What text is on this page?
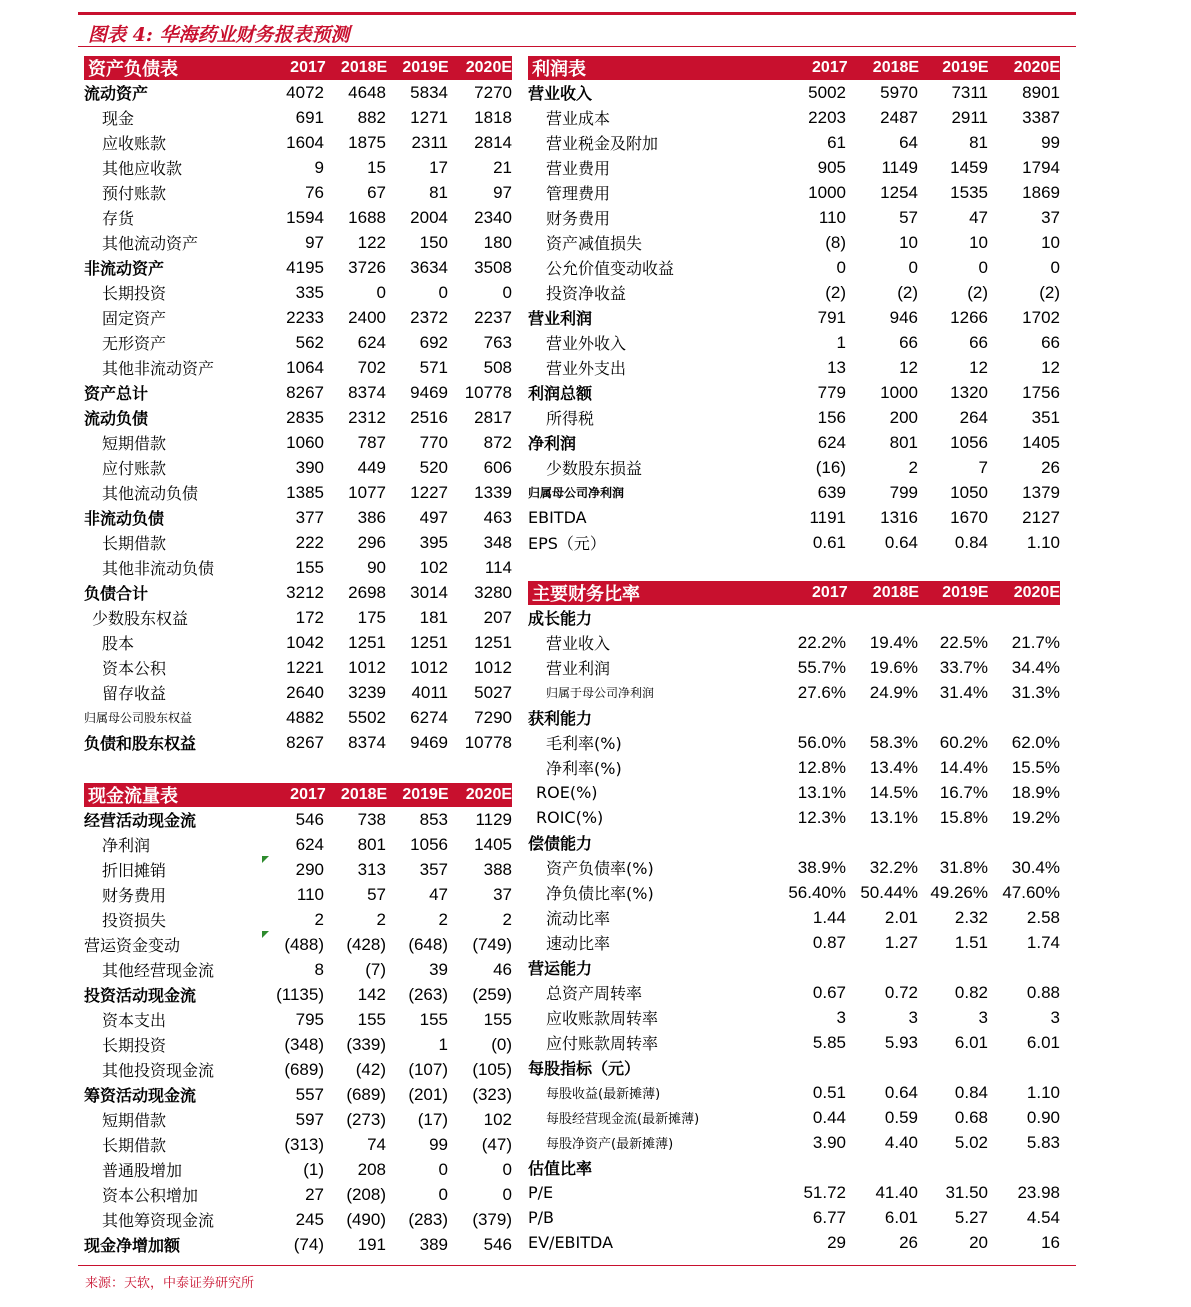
图表 4: 华海药业财务报表预测
资产负债表	2017 2018E 2019E	2020E
流动资产	4072	4648	5834	7270
现金	691	882	1271	1818
应收账款	1604	1875	2311	2814
其他应收款	9	15	17	21
预付账款	76	67	81	97
存货	1594	1688	2004	2340
其他流动资产	97	122	150	180
非流动资产	4195	3726	3634	3508
长期投资	335	0	0	0
固定资产	2233	2400	2372	2237
无形资产	562	624	692	763
其他非流动资产	1064	702	571	508
资产总计	8267	8374	9469 10778
流动负债	2835	2312	2516	2817
短期借款	1060	787	770	872
应付账款	390	449	520	606
其他流动负债	1385	1077	1227	1339
非流动负债	377	386	497	463
长期借款	222	296	395	348
其他非流动负债	155	90	102	114
负债合计	3212	2698	3014	3280
少数股东权益	172	175	181	207
股本	1042	1251	1251	1251
资本公积	1221	1012	1012	1012
留存收益	2640	3239	4011	5027
归属母公司股东权益	4882	5502	6274	7290
负债和股东权益	8267	8374	9469 10778
现金流量表	2017 2018E 2019E	2020E
经营活动现金流	546	738	853	1129
净利润	624	801	1056	1405
折旧摊销	290	313	357	388
财务费用	110	57	47	37
投资损失	2	2	2	2
营运资金变动	(488)	(428)	(648)	(749)
其他经营现金流	8	(7)	39	46
投资活动现金流	(1135)	142	(263)	(259)
资本支出	795	155	155	155
长期投资	(348)	(339)	1	(0)
其他投资现金流	(689)	(42)	(107)	(105)
筹资活动现金流	557	(689)	(201)	(323)
短期借款	597	(273)	(17)	102
长期借款	(313)	74	99	(47)
普通股增加	(1)	208	0	0
资本公积增加	27	(208)	0	0
其他筹资现金流	245	(490)	(283)	(379)
现金净增加额	(74)	191	389	546
利润表	2017	2018E	2019E	2020E
营业收入	5002	5970	7311	8901
营业成本	2203	2487	2911	3387
营业税金及附加	61	64	81	99
营业费用	905	1149	1459	1794
管理费用	1000	1254	1535	1869
财务费用	110	57	47	37
资产减值损失	(8)	10	10	10
公允价值变动收益	0	0	0	0
投资净收益	(2)	(2)	(2)	(2)
营业利润	791	946	1266	1702
营业外收入	1	66	66	66
营业外支出	13	12	12	12
利润总额	779	1000	1320	1756
所得税	156	200	264	351
净利润	624	801	1056	1405
少数股东损益	(16)	2	7	26
归属母公司净利润	639	799	1050	1379
EBITDA	1191	1316	1670	2127
EPS（元）	0.61	0.64	0.84	1.10
主要财务比率	2017	2018E	2019E	2020E
成长能力
营业收入	22.2%	19.4%	22.5%	21.7%
营业利润	55.7%	19.6%	33.7%	34.4%
归属于母公司净利润	27.6%	24.9%	31.4%	31.3%
获利能力
毛利率(%)	56.0%	58.3%	60.2%	62.0%
净利率(%)	12.8%	13.4%	14.4%	15.5%
ROE(%)	13.1%	14.5%	16.7%	18.9%
ROIC(%)	12.3%	13.1%	15.8%	19.2%
偿债能力
资产负债率(%)	38.9%	32.2%	31.8%	30.4%
净负债比率(%)	56.40% 50.44% 49.26% 47.60%
流动比率	1.44	2.01	2.32	2.58
速动比率	0.87	1.27	1.51	1.74
营运能力
总资产周转率	0.67	0.72	0.82	0.88
应收账款周转率	3	3	3	3
应付账款周转率	5.85	5.93	6.01	6.01
每股指标（元）
每股收益(最新摊薄)	0.51	0.64	0.84	1.10
每股经营现金流(最新摊薄)	0.44	0.59	0.68	0.90
每股净资产(最新摊薄)	3.90	4.40	5.02	5.83
估值比率
P/E	51.72	41.40	31.50	23.98
P/B	6.77	6.01	5.27	4.54
EV/EBITDA	29	26	20	16
来源：天软，中泰证券研究所
